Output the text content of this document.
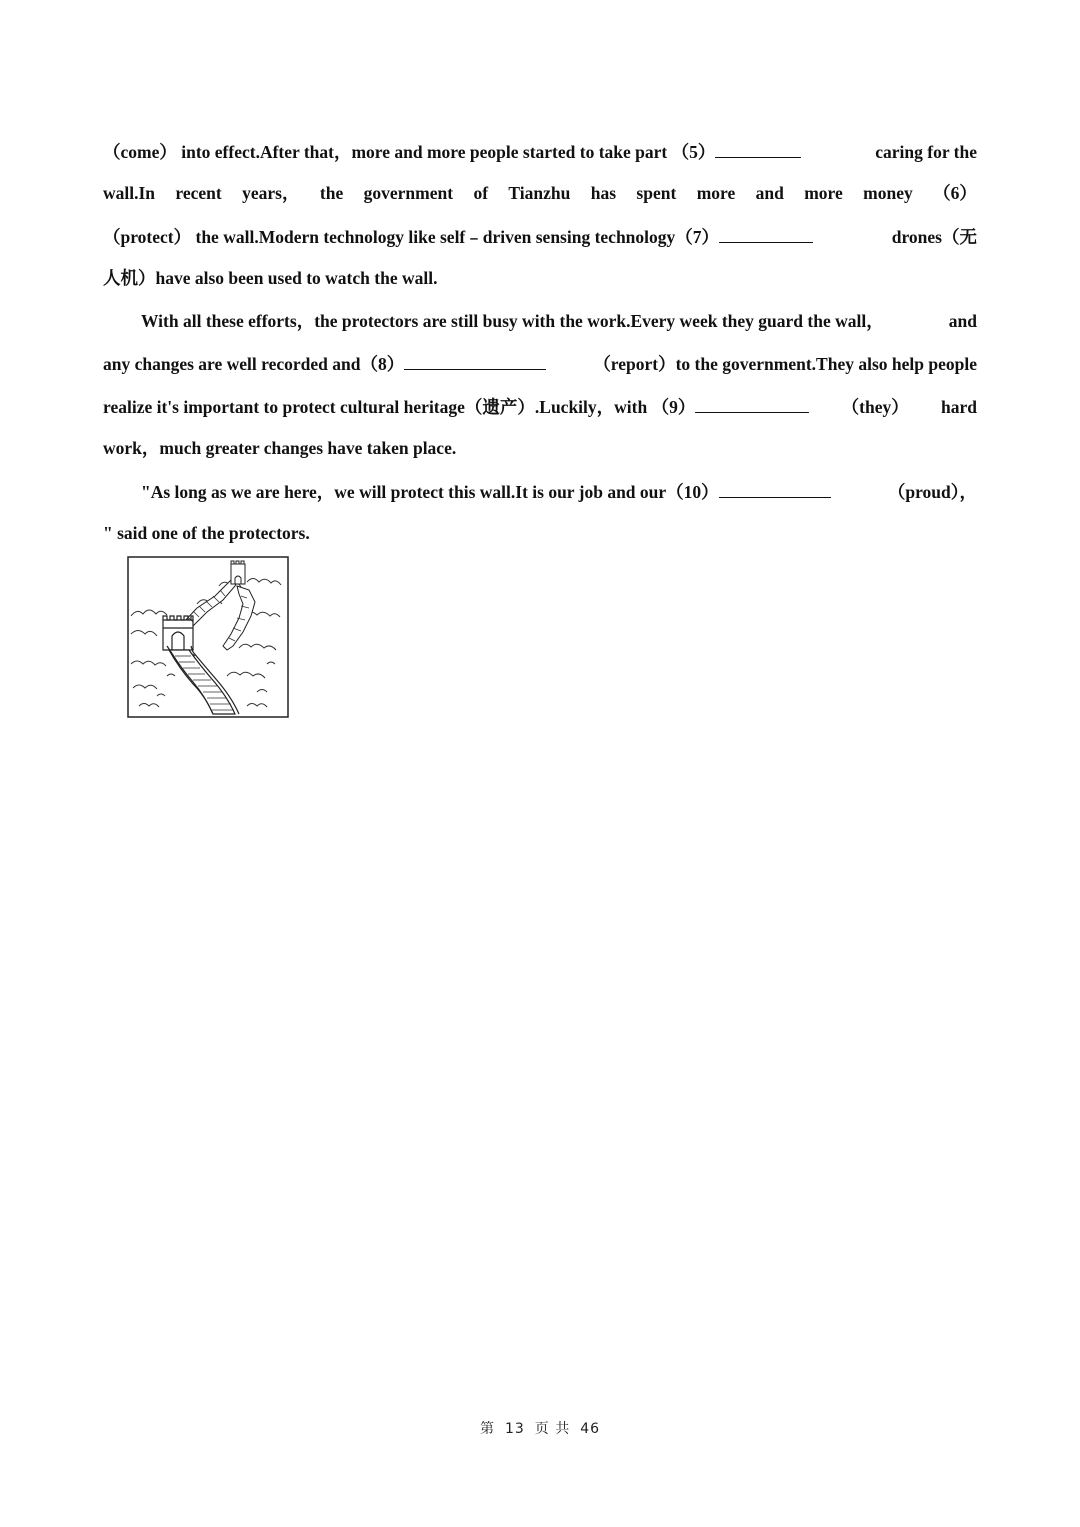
（come） into effect.After that，more and more people started to take part （5）	caring for the
wall.In recent years， the government of Tianzhu has spent more and more money （6）
（protect） the wall.Modern technology like self﹣driven sensing technology（7）	drones（无
人机）have also been used to watch the wall.
With all these efforts，the protectors are still busy with the work.Every week they guard the wall，	and
any changes are well recorded and（8）	（report）to the government.They also help people
realize it's important to protect cultural heritage（遗产）.Luckily，with （9）	（they） hard
work，much greater changes have taken place.
"As long as we are here，we will protect this wall.It is our job and our（10）	（proud），
" said one of the protectors.
第 13 页 共 46
